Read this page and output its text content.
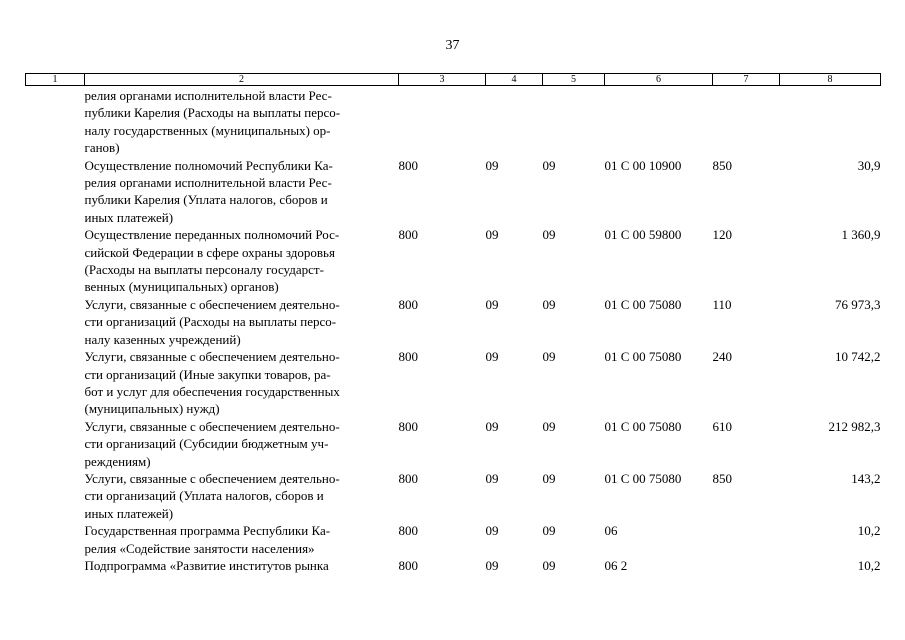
37
1	2	3	4	5	6	7	8

	релия органами исполнительной власти Рес-
публики Карелия (Расходы на выплаты персо-
налу государственных (муниципальных) ор-
ганов)						

	Осуществление полномочий Республики Ка-
релия органами исполнительной власти Рес-
публики Карелия (Уплата налогов, сборов и
иных платежей)	800	09	09	01 С 00 10900	850	30,9

	Осуществление переданных полномочий Рос-
сийской Федерации в сфере охраны здоровья
(Расходы на выплаты персоналу государст-
венных (муниципальных) органов)	800	09	09	01 С 00 59800	120	1 360,9

	Услуги, связанные с обеспечением деятельно-
сти организаций (Расходы на выплаты персо-
налу казенных учреждений)	800	09	09	01 С 00 75080	110	76 973,3

	Услуги, связанные с обеспечением деятельно-
сти организаций (Иные закупки товаров, ра-
бот и услуг для обеспечения государственных
(муниципальных) нужд)	800	09	09	01 С 00 75080	240	10 742,2

	Услуги, связанные с обеспечением деятельно-
сти организаций (Субсидии бюджетным уч-
реждениям)	800	09	09	01 С 00 75080	610	212 982,3

	Услуги, связанные с обеспечением деятельно-
сти организаций (Уплата налогов, сборов и
иных платежей)	800	09	09	01 С 00 75080	850	143,2

	Государственная программа Республики Ка-
релия «Содействие занятости населения»	800	09	09	06		10,2

	Подпрограмма «Развитие институтов рынка	800	09	09	06 2		10,2
